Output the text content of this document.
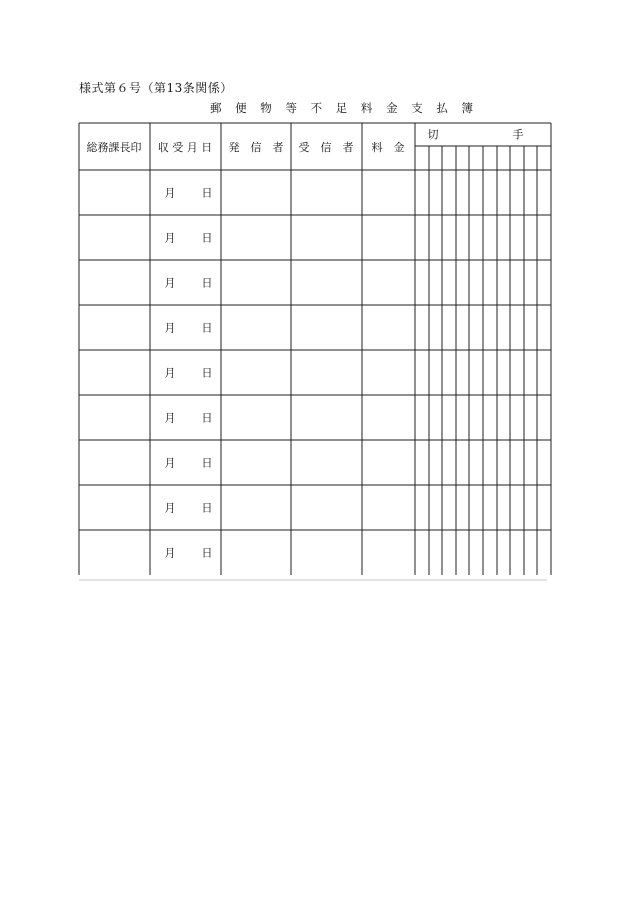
様式第６号（第13条関係）
郵 便 物 等 不 足 料 金 支 払 簿
総務課長印 収 受 月 日 発　信　者 受　信　者 料　金
切	手
月 日
月 日
月 日
月 日
月 日
月 日
月 日
月 日
月 日
